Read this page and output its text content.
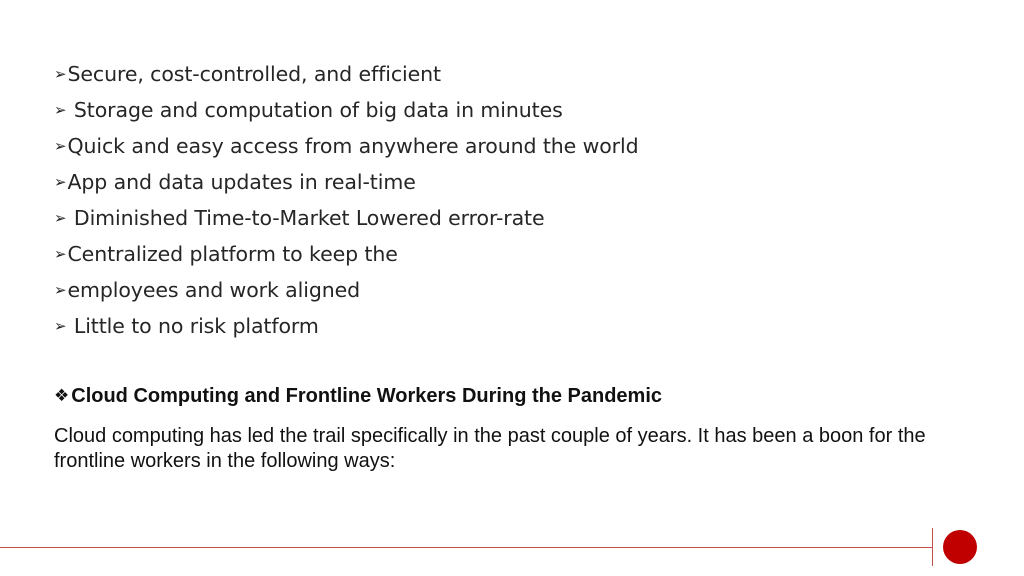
➢Secure, cost-controlled, and efficient
➢ Storage and computation of big data in minutes
➢Quick and easy access from anywhere around the world
➢App and data updates in real-time
➢ Diminished Time-to-Market Lowered error-rate
➢Centralized platform to keep the
➢employees and work aligned
➢ Little to no risk platform
❖ Cloud Computing and Frontline Workers During the Pandemic

Cloud computing has led the trail specifically in the past couple of years. It has been a boon for the frontline workers in the following ways:
